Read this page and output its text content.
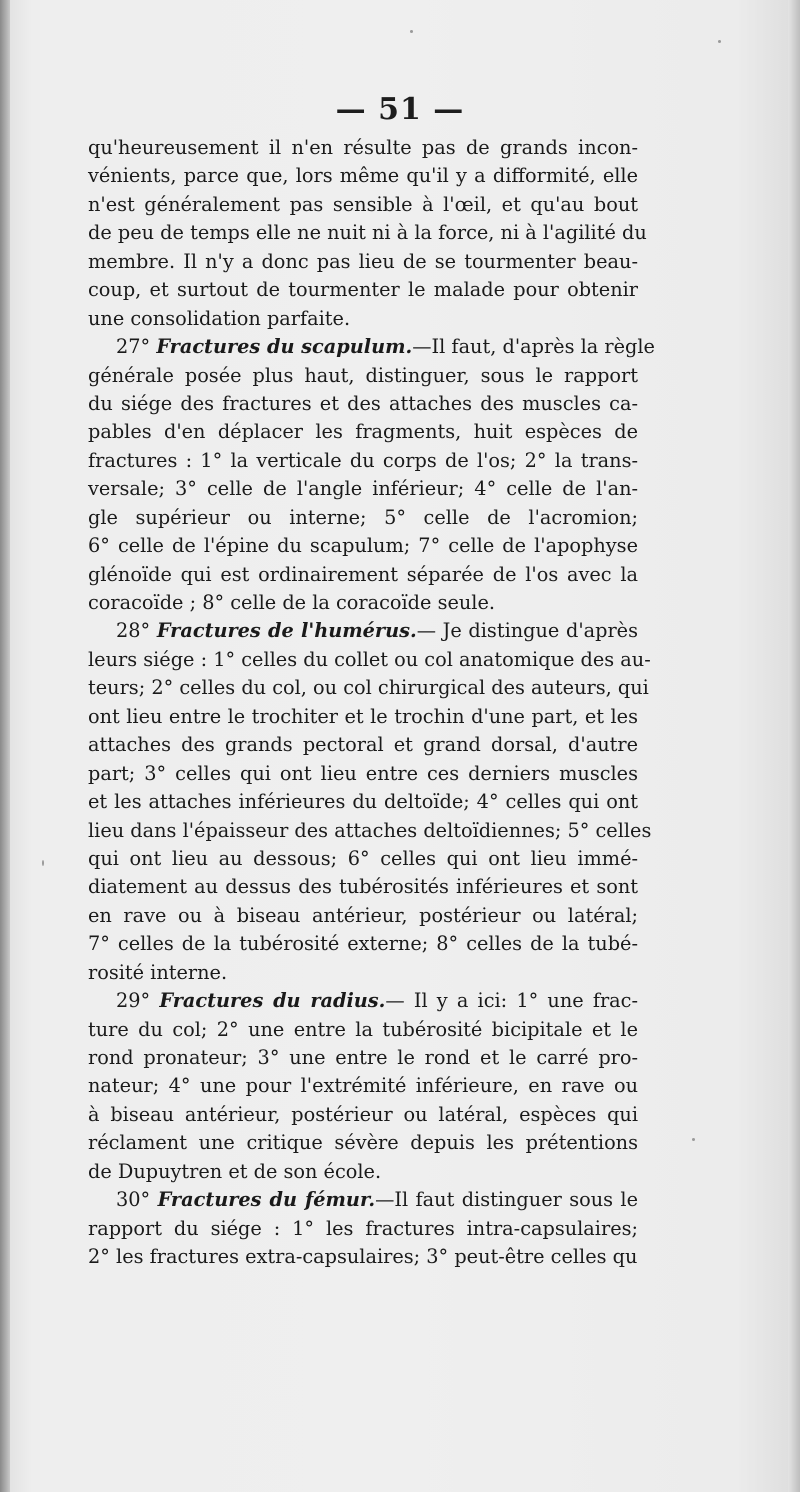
— 51 —
qu'heureusement il n'en résulte pas de grands incon-
vénients, parce que, lors même qu'il y a difformité, elle
n'est généralement pas sensible à l'œil, et qu'au bout
de peu de temps elle ne nuit ni à la force, ni à l'agilité du
membre. Il n'y a donc pas lieu de se tourmenter beau-
coup, et surtout de tourmenter le malade pour obtenir
une consolidation parfaite.
27° Fractures du scapulum.—Il faut, d'après la règle
générale posée plus haut, distinguer, sous le rapport
du siége des fractures et des attaches des muscles ca-
pables d'en déplacer les fragments, huit espèces de
fractures : 1° la verticale du corps de l'os; 2° la trans-
versale; 3° celle de l'angle inférieur; 4° celle de l'an-
gle supérieur ou interne; 5° celle de l'acromion;
6° celle de l'épine du scapulum; 7° celle de l'apophyse
glénoïde qui est ordinairement séparée de l'os avec la
coracoïde ; 8° celle de la coracoïde seule.
28° Fractures de l'humérus.— Je distingue d'après
leurs siége : 1° celles du collet ou col anatomique des au-
teurs; 2° celles du col, ou col chirurgical des auteurs, qui
ont lieu entre le trochiter et le trochin d'une part, et les
attaches des grands pectoral et grand dorsal, d'autre
part; 3° celles qui ont lieu entre ces derniers muscles
et les attaches inférieures du deltoïde; 4° celles qui ont
lieu dans l'épaisseur des attaches deltoïdiennes; 5° celles
qui ont lieu au dessous; 6° celles qui ont lieu immé-
diatement au dessus des tubérosités inférieures et sont
en rave ou à biseau antérieur, postérieur ou latéral;
7° celles de la tubérosité externe; 8° celles de la tubé-
rosité interne.
29° Fractures du radius.— Il y a ici: 1° une frac-
ture du col; 2° une entre la tubérosité bicipitale et le
rond pronateur; 3° une entre le rond et le carré pro-
nateur; 4° une pour l'extrémité inférieure, en rave ou
à biseau antérieur, postérieur ou latéral, espèces qui
réclament une critique sévère depuis les prétentions
de Dupuytren et de son école.
30° Fractures du fémur.—Il faut distinguer sous le
rapport du siége : 1° les fractures intra-capsulaires;
2° les fractures extra-capsulaires; 3° peut-être celles qu
